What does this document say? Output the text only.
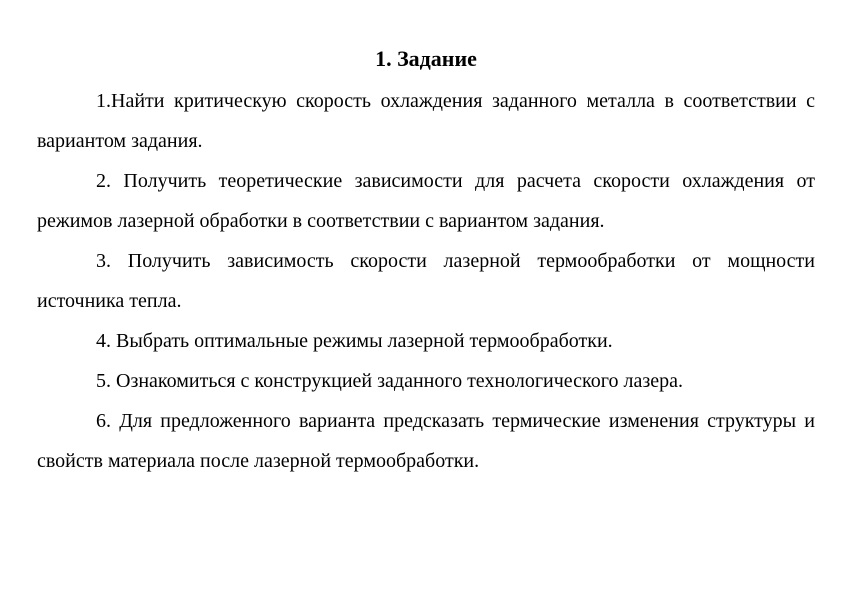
1. Задание

1.Найти критическую скорость охлаждения заданного металла в соответствии с вариантом задания.

2. Получить теоретические зависимости для расчета скорости охлаждения от режимов лазерной обработки в соответствии с вариантом задания.

3. Получить зависимость скорости лазерной термообработки от мощности источника тепла.

4. Выбрать оптимальные режимы лазерной термообработки.

5. Ознакомиться с конструкцией заданного технологического лазера.

6. Для предложенного варианта предсказать термические изменения структуры и свойств материала после лазерной термообработки.
